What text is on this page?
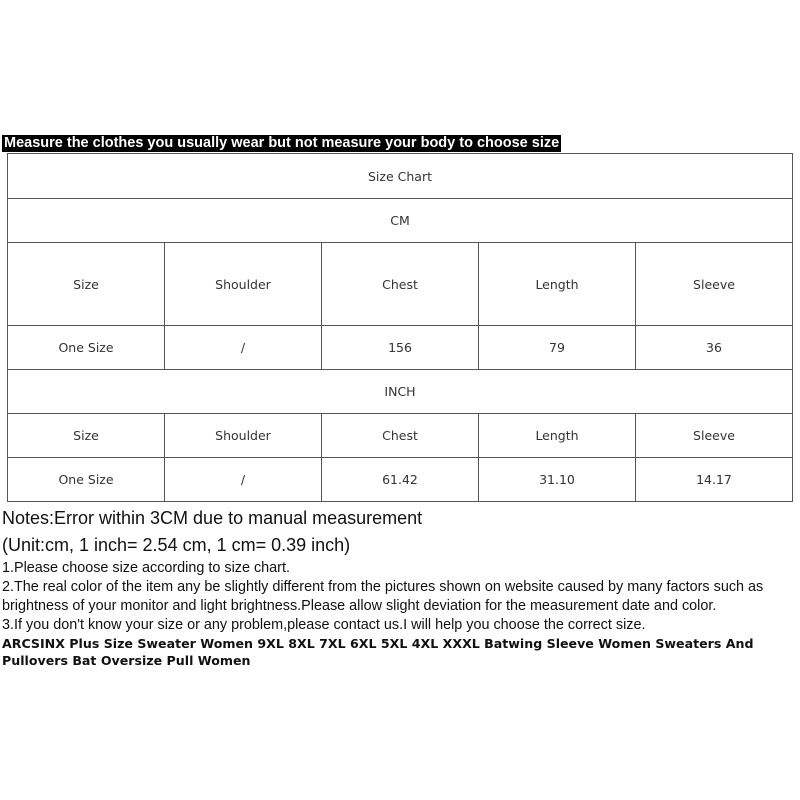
Measure the clothes you usually wear but not measure your body to choose size
Size Chart				
CM				
Size	Shoulder	Chest	Length	Sleeve
One Size	/	156	79	36
INCH				
Size	Shoulder	Chest	Length	Sleeve
One Size	/	61.42	31.10	14.17
Notes:Error within 3CM due to manual measurement
(Unit:cm, 1 inch= 2.54 cm, 1 cm= 0.39 inch)
1.Please choose size according to size chart.
2.The real color of the item any be slightly different from the pictures shown on website caused by many factors such as brightness of your monitor and light brightness.Please allow slight deviation for the measurement date and color.
3.If you don't know your size or any problem,please contact us.I will help you choose the correct size.
ARCSINX Plus Size Sweater Women 9XL 8XL 7XL 6XL 5XL 4XL XXXL Batwing Sleeve Women Sweaters And Pullovers Bat Oversize Pull Women
